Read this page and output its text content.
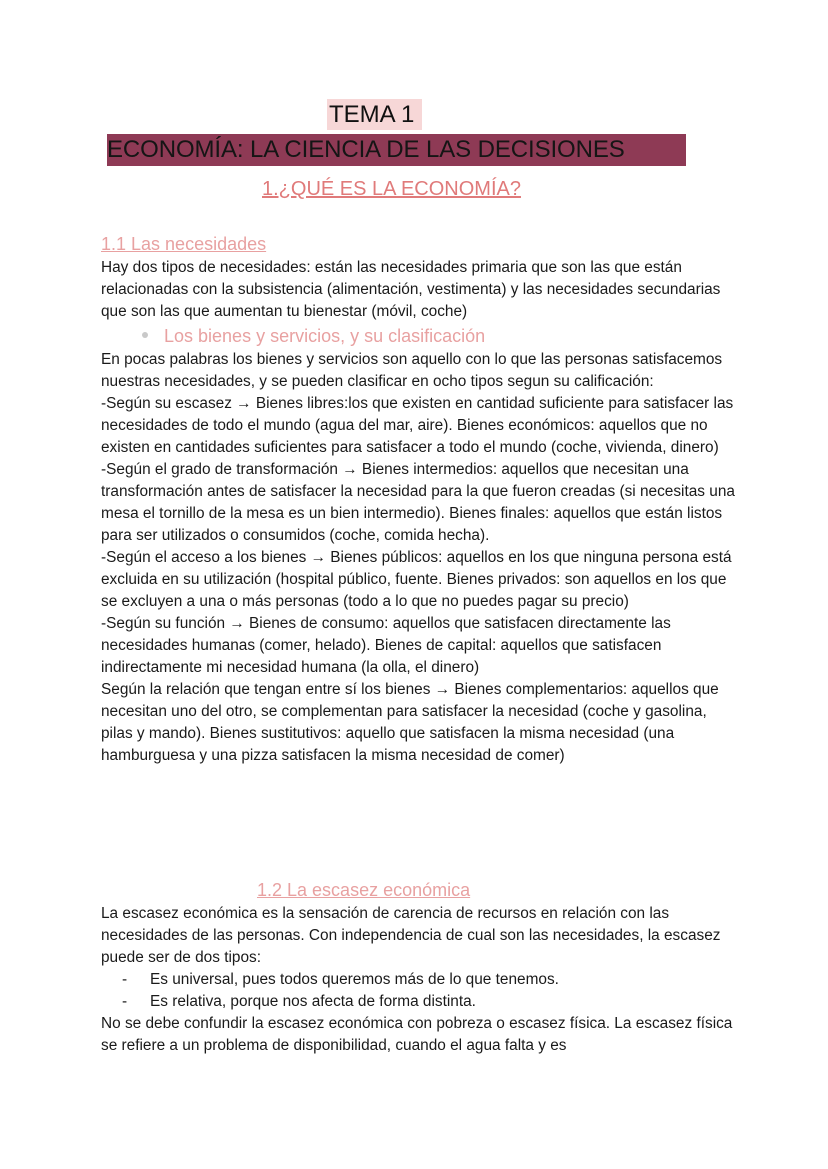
TEMA 1
ECONOMÍA: LA CIENCIA DE LAS DECISIONES
1.¿QUÉ ES LA ECONOMÍA?
1.1 Las necesidades

Hay dos tipos de necesidades: están las necesidades primaria que son las que están relacionadas con la subsistencia (alimentación, vestimenta) y las necesidades secundarias que son las que aumentan tu bienestar (móvil, coche)

Los bienes y servicios, y su clasificación

En pocas palabras los bienes y servicios son aquello con lo que las personas satisfacemos nuestras necesidades, y se pueden clasificar en ocho tipos segun su calificación:

-Según su escasez → Bienes libres:los que existen en cantidad suficiente para satisfacer las necesidades de todo el mundo (agua del mar, aire). Bienes económicos: aquellos que no existen en cantidades suficientes para satisfacer a todo el mundo (coche, vivienda, dinero)

-Según el grado de transformación → Bienes intermedios: aquellos que necesitan una transformación antes de satisfacer la necesidad para la que fueron creadas (si necesitas una mesa el tornillo de la mesa es un bien intermedio). Bienes finales: aquellos que están listos para ser utilizados o consumidos (coche, comida hecha).

-Según el acceso a los bienes → Bienes públicos: aquellos en los que ninguna persona está excluida en su utilización (hospital público, fuente. Bienes privados: son aquellos en los que se excluyen a una o más personas (todo a lo que no puedes pagar su precio)

-Según su función → Bienes de consumo: aquellos que satisfacen directamente las necesidades humanas (comer, helado). Bienes de capital: aquellos que satisfacen indirectamente mi necesidad humana (la olla, el dinero)

Según la relación que tengan entre sí los bienes → Bienes complementarios: aquellos que necesitan uno del otro, se complementan para satisfacer la necesidad (coche y gasolina, pilas y mando). Bienes sustitutivos: aquello que satisfacen la misma necesidad (una hamburguesa y una pizza satisfacen la misma necesidad de comer)

1.2 La escasez económica

La escasez económica es la sensación de carencia de recursos en relación con las necesidades de las personas. Con independencia de cual son las necesidades, la escasez puede ser de dos tipos:

-	Es universal, pues todos queremos más de lo que tenemos.
-	Es relativa, porque nos afecta de forma distinta.

No se debe confundir la escasez económica con pobreza o escasez física. La escasez física se refiere a un problema de disponibilidad, cuando el agua falta y es
